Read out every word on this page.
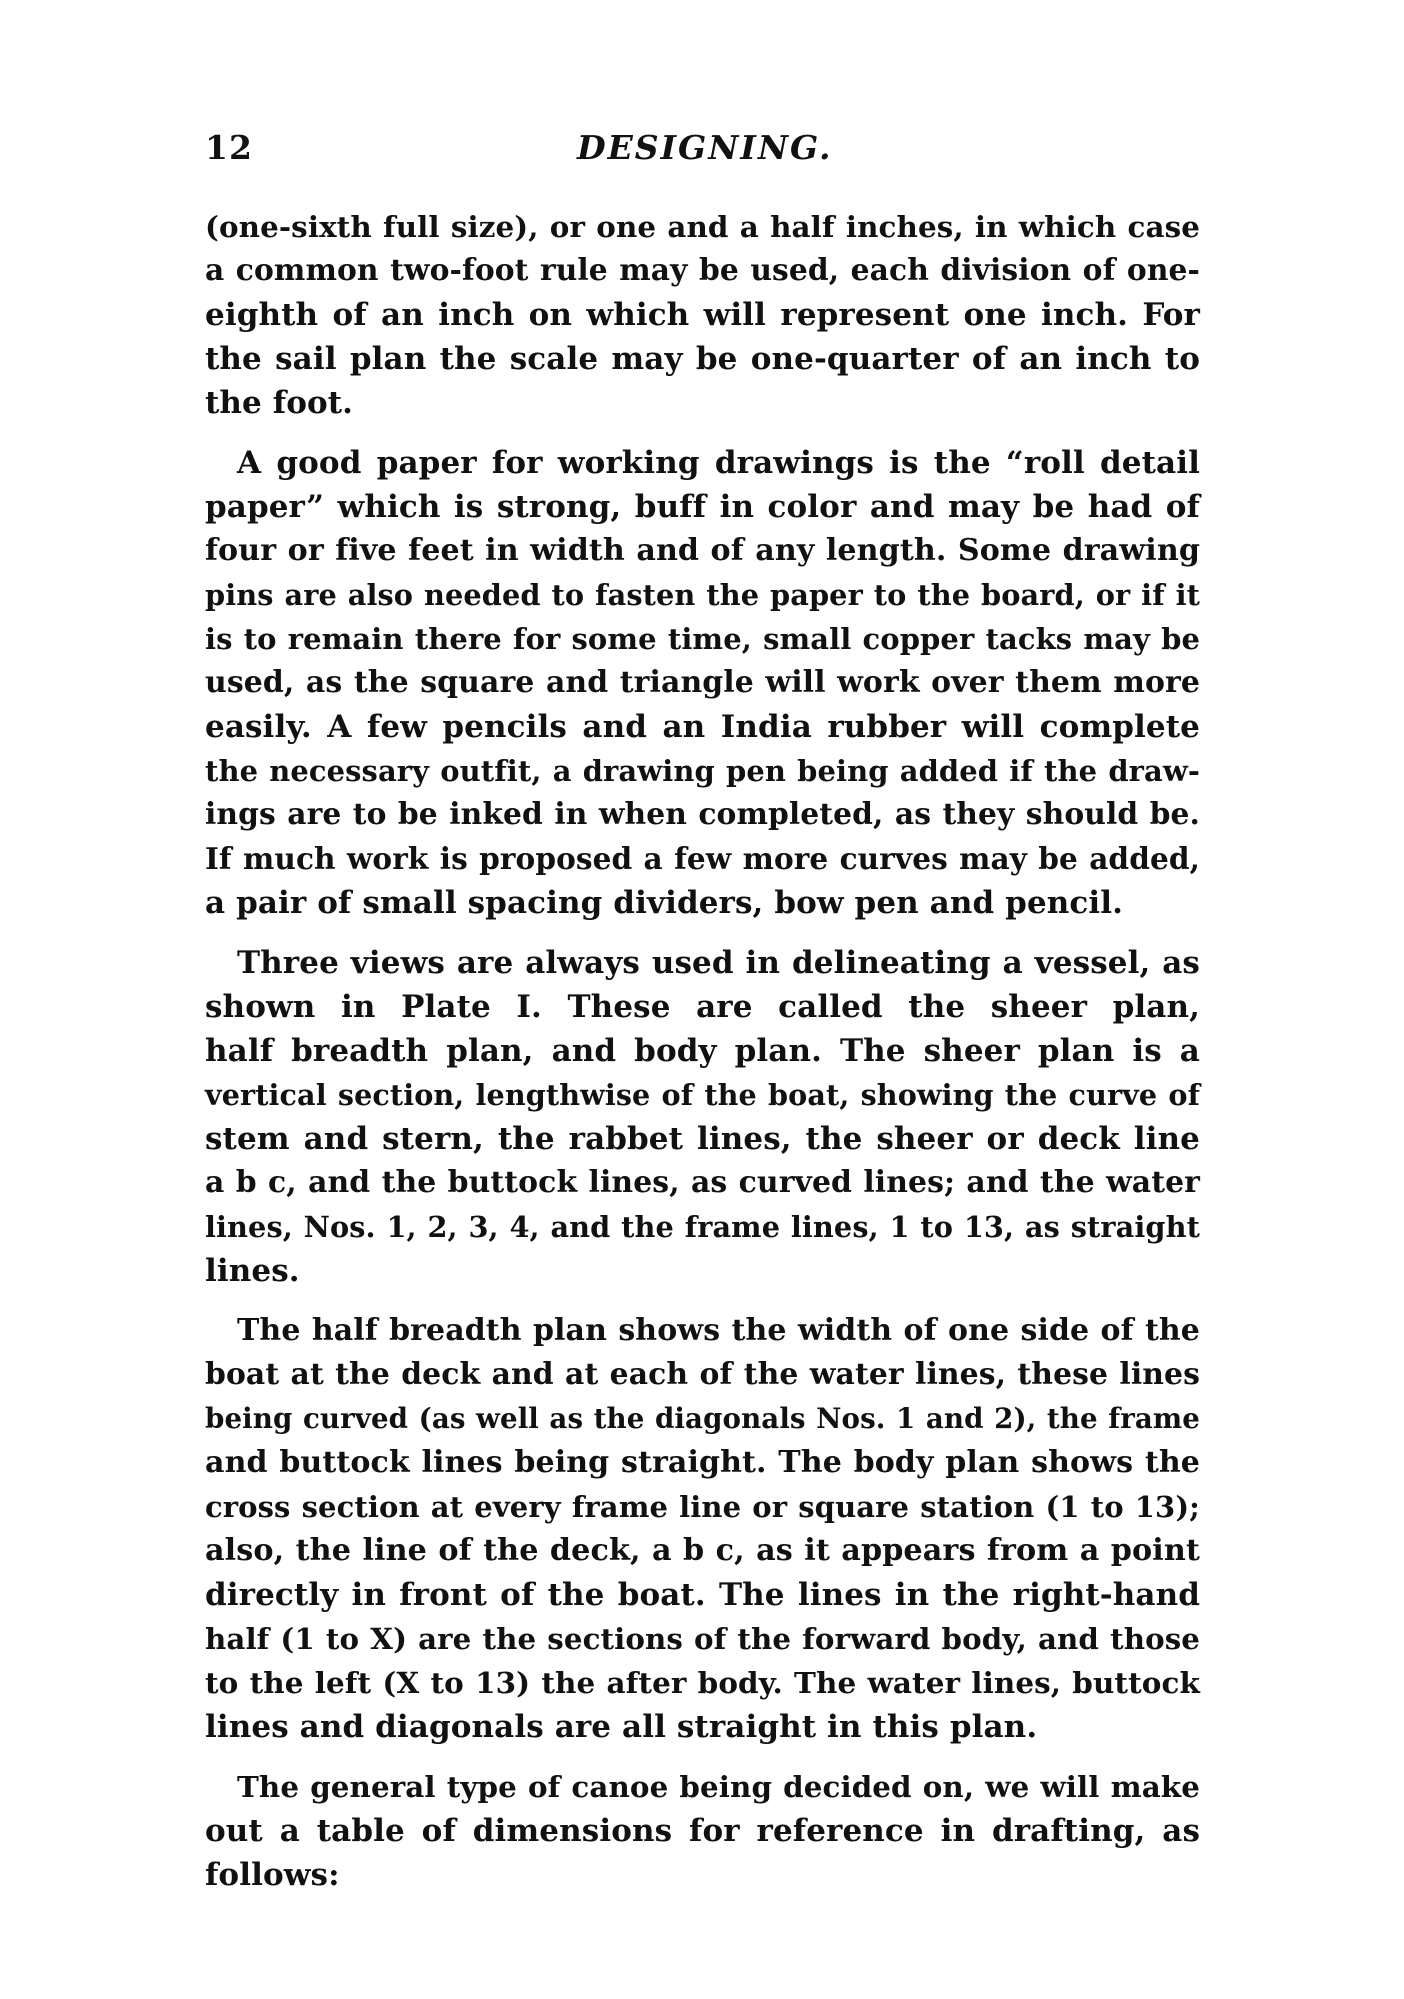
12	DESIGNING.

(one-sixth full size), or one and a half inches, in which case
a common two-foot rule may be used, each division of one-
eighth of an inch on which will represent one inch. For
the sail plan the scale may be one-quarter of an inch to
the foot.

A good paper for working drawings is the “roll detail
paper” which is strong, buff in color and may be had of
four or five feet in width and of any length. Some drawing
pins are also needed to fasten the paper to the board, or if it
is to remain there for some time, small copper tacks may be
used, as the square and triangle will work over them more
easily. A few pencils and an India rubber will complete
the necessary outfit, a drawing pen being added if the draw-
ings are to be inked in when completed, as they should be.
If much work is proposed a few more curves may be added,
a pair of small spacing dividers, bow pen and pencil.

Three views are always used in delineating a vessel, as
shown in Plate I. These are called the sheer plan,
half breadth plan, and body plan. The sheer plan is a
vertical section, lengthwise of the boat, showing the curve of
stem and stern, the rabbet lines, the sheer or deck line
a b c, and the buttock lines, as curved lines; and the water
lines, Nos. 1, 2, 3, 4, and the frame lines, 1 to 13, as straight
lines.

The half breadth plan shows the width of one side of the
boat at the deck and at each of the water lines, these lines
being curved (as well as the diagonals Nos. 1 and 2), the frame
and buttock lines being straight. The body plan shows the
cross section at every frame line or square station (1 to 13);
also, the line of the deck, a b c, as it appears from a point
directly in front of the boat. The lines in the right-hand
half (1 to X) are the sections of the forward body, and those
to the left (X to 13) the after body. The water lines, buttock
lines and diagonals are all straight in this plan.

The general type of canoe being decided on, we will make
out a table of dimensions for reference in drafting, as
follows:
